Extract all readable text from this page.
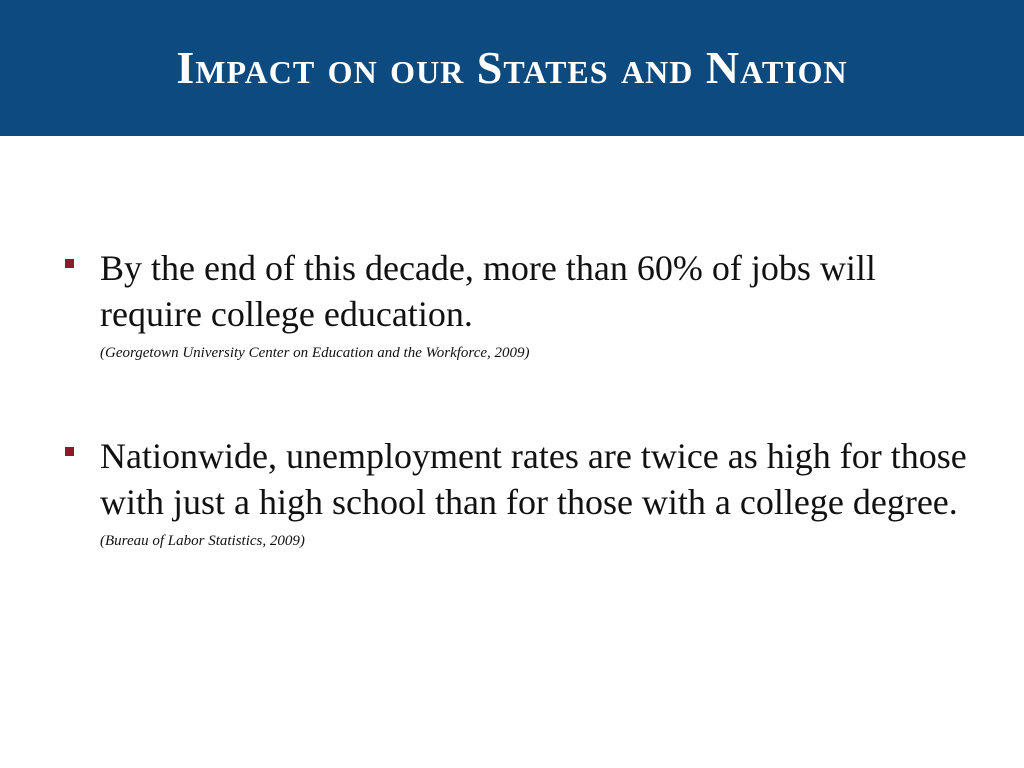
Impact on our States and Nation
By the end of this decade, more than 60% of jobs will require college education.
(Georgetown University Center on Education and the Workforce, 2009)
Nationwide, unemployment rates are twice as high for those with just a high school than for those with a college degree.
(Bureau of Labor Statistics, 2009)
